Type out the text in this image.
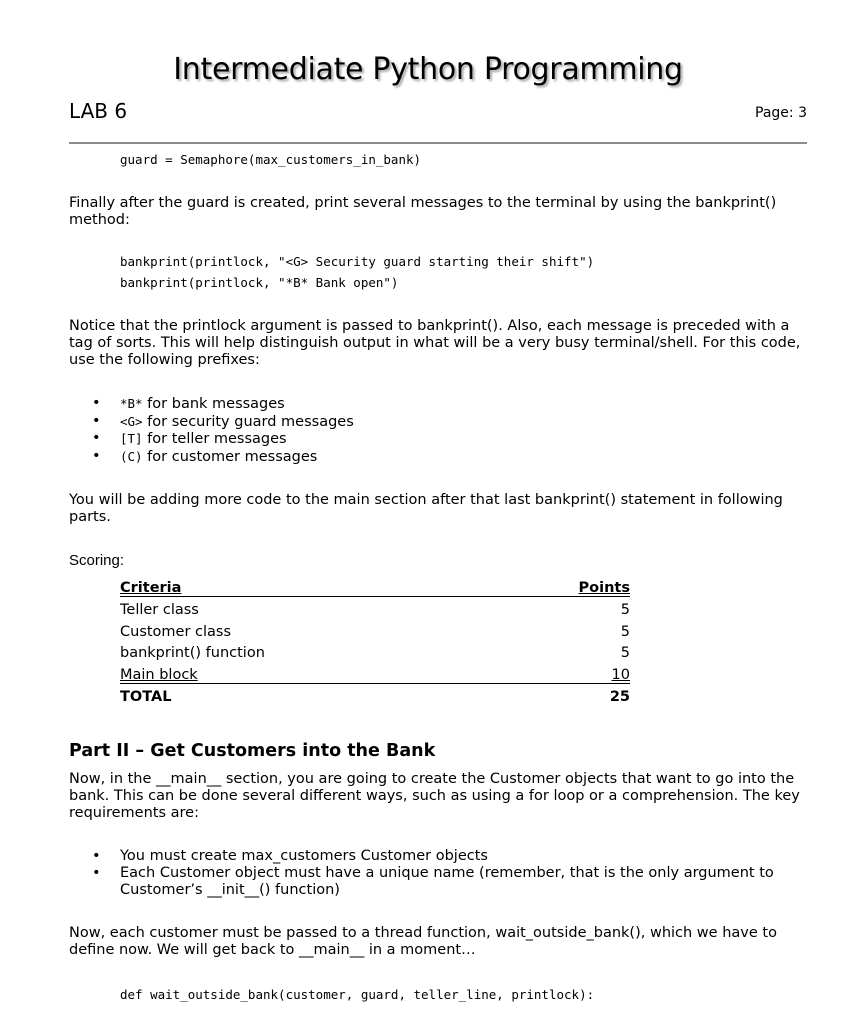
Intermediate Python Programming
LAB 6	Page: 3
guard = Semaphore(max_customers_in_bank)
Finally after the guard is created, print several messages to the terminal by using the bankprint() method:
bankprint(printlock, "<G> Security guard starting their shift")
bankprint(printlock, "*B* Bank open")
Notice that the printlock argument is passed to bankprint(). Also, each message is preceded with a tag of sorts. This will help distinguish output in what will be a very busy terminal/shell. For this code, use the following prefixes:
• *B* for bank messages
• <G> for security guard messages
• [T] for teller messages
• (C) for customer messages
You will be adding more code to the main section after that last bankprint() statement in following parts.
Scoring:
Criteria	Points
Teller class	5
Customer class	5
bankprint() function	5
Main block	10
TOTAL	25
Part II – Get Customers into the Bank
Now, in the __main__ section, you are going to create the Customer objects that want to go into the bank. This can be done several different ways, such as using a for loop or a comprehension. The key requirements are:
• You must create max_customers Customer objects
• Each Customer object must have a unique name (remember, that is the only argument to Customer’s __init__() function)
Now, each customer must be passed to a thread function, wait_outside_bank(), which we have to define now. We will get back to __main__ in a moment…
def wait_outside_bank(customer, guard, teller_line, printlock):
